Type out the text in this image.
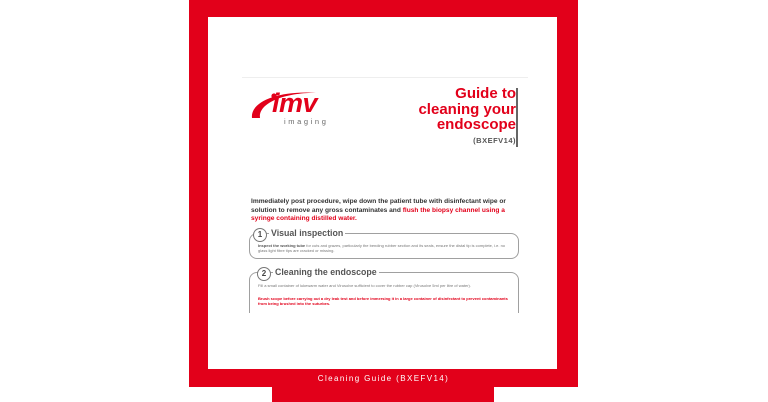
imv
imaging
Guide to
cleaning your
endoscope
(BXEFV14)
Immediately post procedure, wipe down the patient tube with disinfectant wipe or solution to remove any gross contaminates and flush the biopsy channel using a syringe containing distilled water.
1 Visual inspection
Inspect the working tube for cuts and grazes, particularly the bending rubber section and its seals, ensure the distal tip is complete, i.e. no glass light fibre tips are cracked or missing.
2 Cleaning the endoscope
Fill a small container of lukewarm water and Virusolve sufficient to cover the rubber cap (Virusolve 5ml per litre of water).
Brush scope before carrying out a dry leak test and before immersing it in a large container of disinfectant to prevent contaminants from being brushed into the suturbes.
Cleaning Guide (BXEFV14)
